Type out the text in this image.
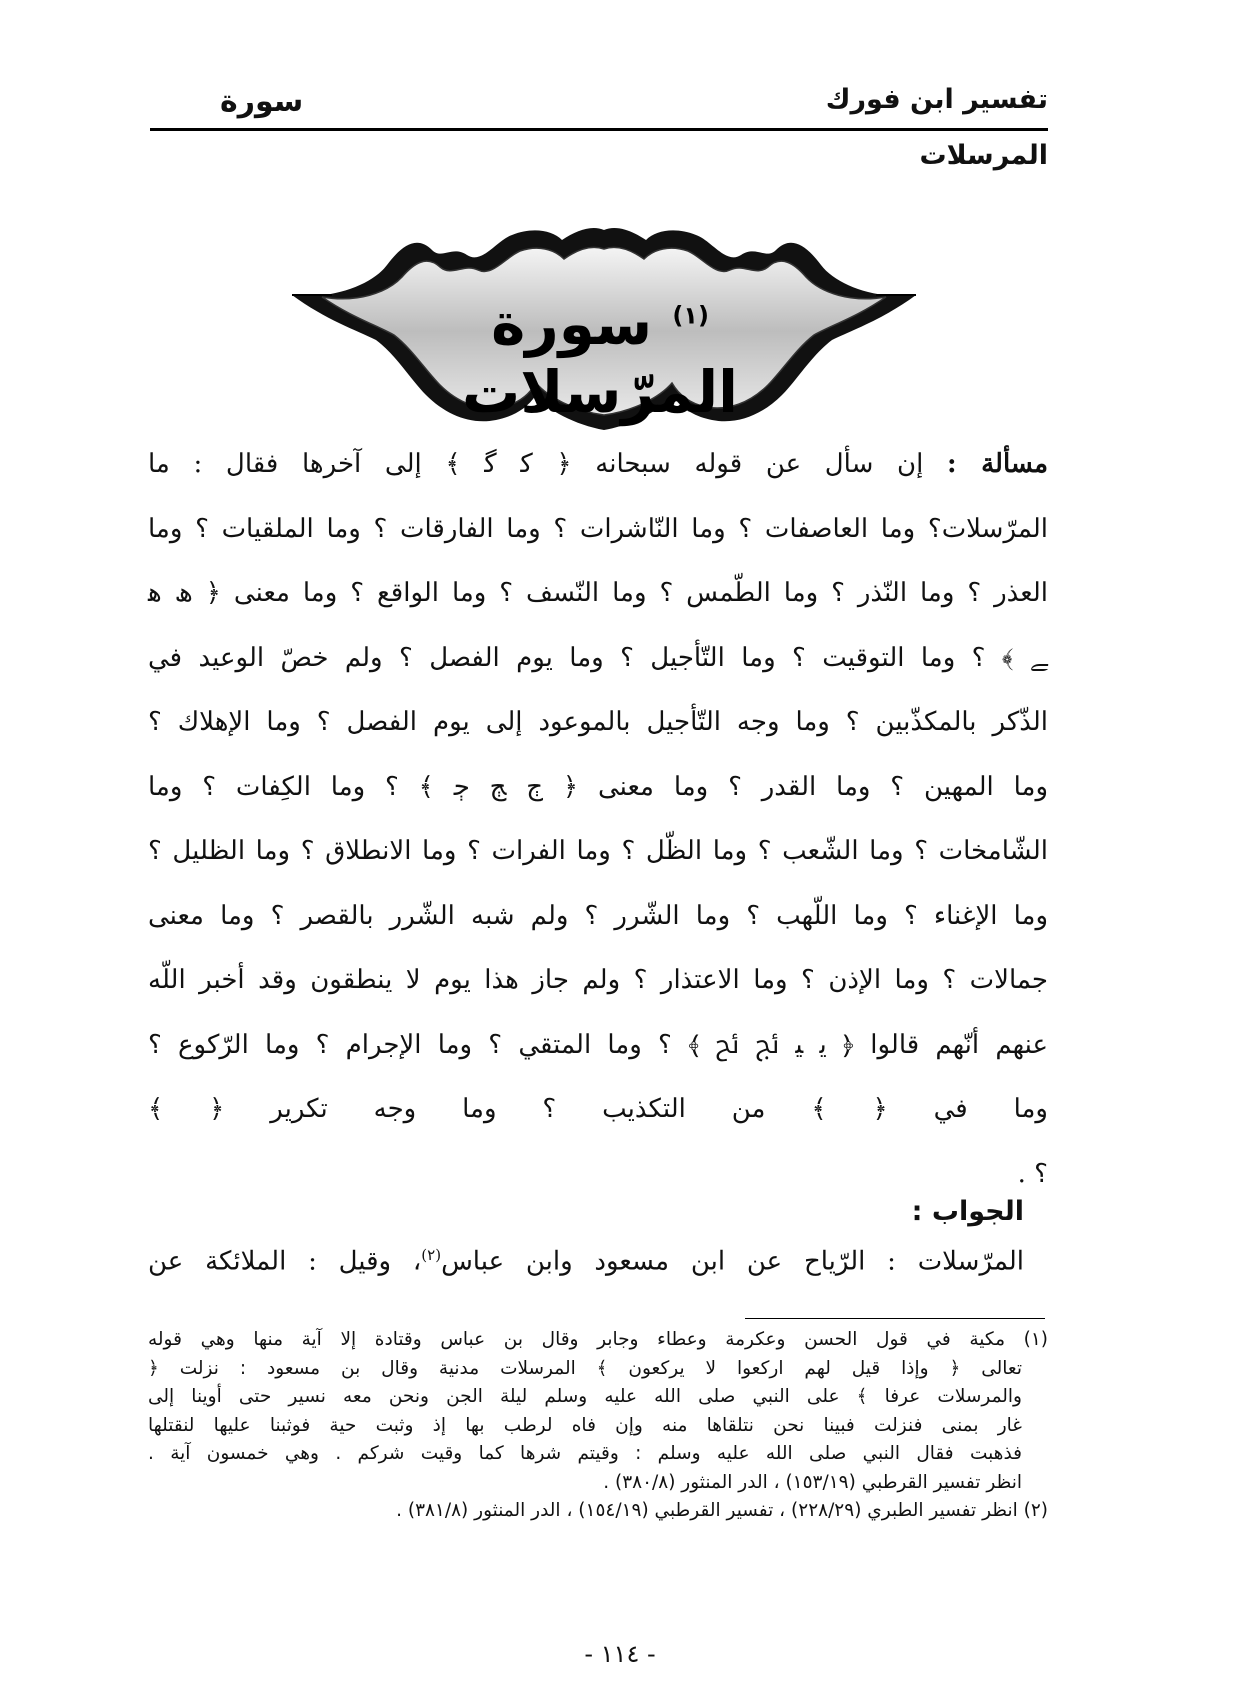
تفسير ابن فورك
سورة
المرسلات
$^{(١)}$ سورة المرّسلات
مسألة : إن سأل عن قوله سبحانه ﴿ ﮐ ﮔ ﴾ إلى آخرها فقال : ما
المرّسلات؟ وما العاصفات ؟ وما النّاشرات ؟ وما الفارقات ؟ وما الملقيات ؟ وما
العذر ؟ وما النّذر ؟ وما الطّمس ؟ وما النّسف ؟ وما الواقع ؟ وما معنى ﴿ ﮪ ﮬ
ﮯ ﴾ ؟ وما التوقيت ؟ وما التّأجيل ؟ وما يوم الفصل ؟ ولم خصّ الوعيد في
الذّكر بالمكذّبين ؟ وما وجه التّأجيل بالموعود إلى يوم الفصل ؟ وما الإهلاك ؟
وما المهين ؟ وما القدر ؟ وما معنى ﴿ ﭲ ﭳ ﭴ ﴾ ؟ وما الكِفات ؟ وما
الشّامخات ؟ وما الشّعب ؟ وما الظّل ؟ وما الفرات ؟ وما الانطلاق ؟ وما الظليل ؟
وما الإغناء ؟ وما اللّهب ؟ وما الشّرر ؟ ولم شبه الشّرر بالقصر ؟ وما معنى
جمالات ؟ وما الإذن ؟ وما الاعتذار ؟ ولم جاز هذا يوم لا ينطقون وقد أخبر اللّه
عنهم أنّهم قالوا ﴿ ﯾ ﯿ ﰀ ﰁ ﴾ ؟ وما المتقي ؟ وما الإجرام ؟ وما الرّكوع ؟
وما في ﴿ ﴾ من التكذيب ؟ وما وجه تكرير ﴿ ﴾
؟ .
الجواب :
المرّسلات : الرّياح عن ابن مسعود وابن عباس$^{(٢)}$، وقيل : الملائكة عن
(١) مكية في قول الحسن وعكرمة وعطاء وجابر وقال بن عباس وقتادة إلا آية منها وهي قوله
تعالى ﴿ وإذا قيل لهم اركعوا لا يركعون ﴾ المرسلات مدنية وقال بن مسعود : نزلت ﴿
والمرسلات عرفا ﴾ على النبي صلى الله عليه وسلم ليلة الجن ونحن معه نسير حتى أوينا إلى
غار بمنى فنزلت فبينا نحن نتلقاها منه وإن فاه لرطب بها إذ وثبت حية فوثبنا عليها لنقتلها
فذهبت فقال النبي صلى الله عليه وسلم : وقيتم شرها كما وقيت شركم . وهي خمسون آية .
انظر تفسير القرطبي (١٥٣/١٩) ، الدر المنثور (٣٨٠/٨) .
(٢) انظر تفسير الطبري (٢٢٨/٢٩) ، تفسير القرطبي (١٥٤/١٩) ، الدر المنثور (٣٨١/٨) .
- ١١٤ -
